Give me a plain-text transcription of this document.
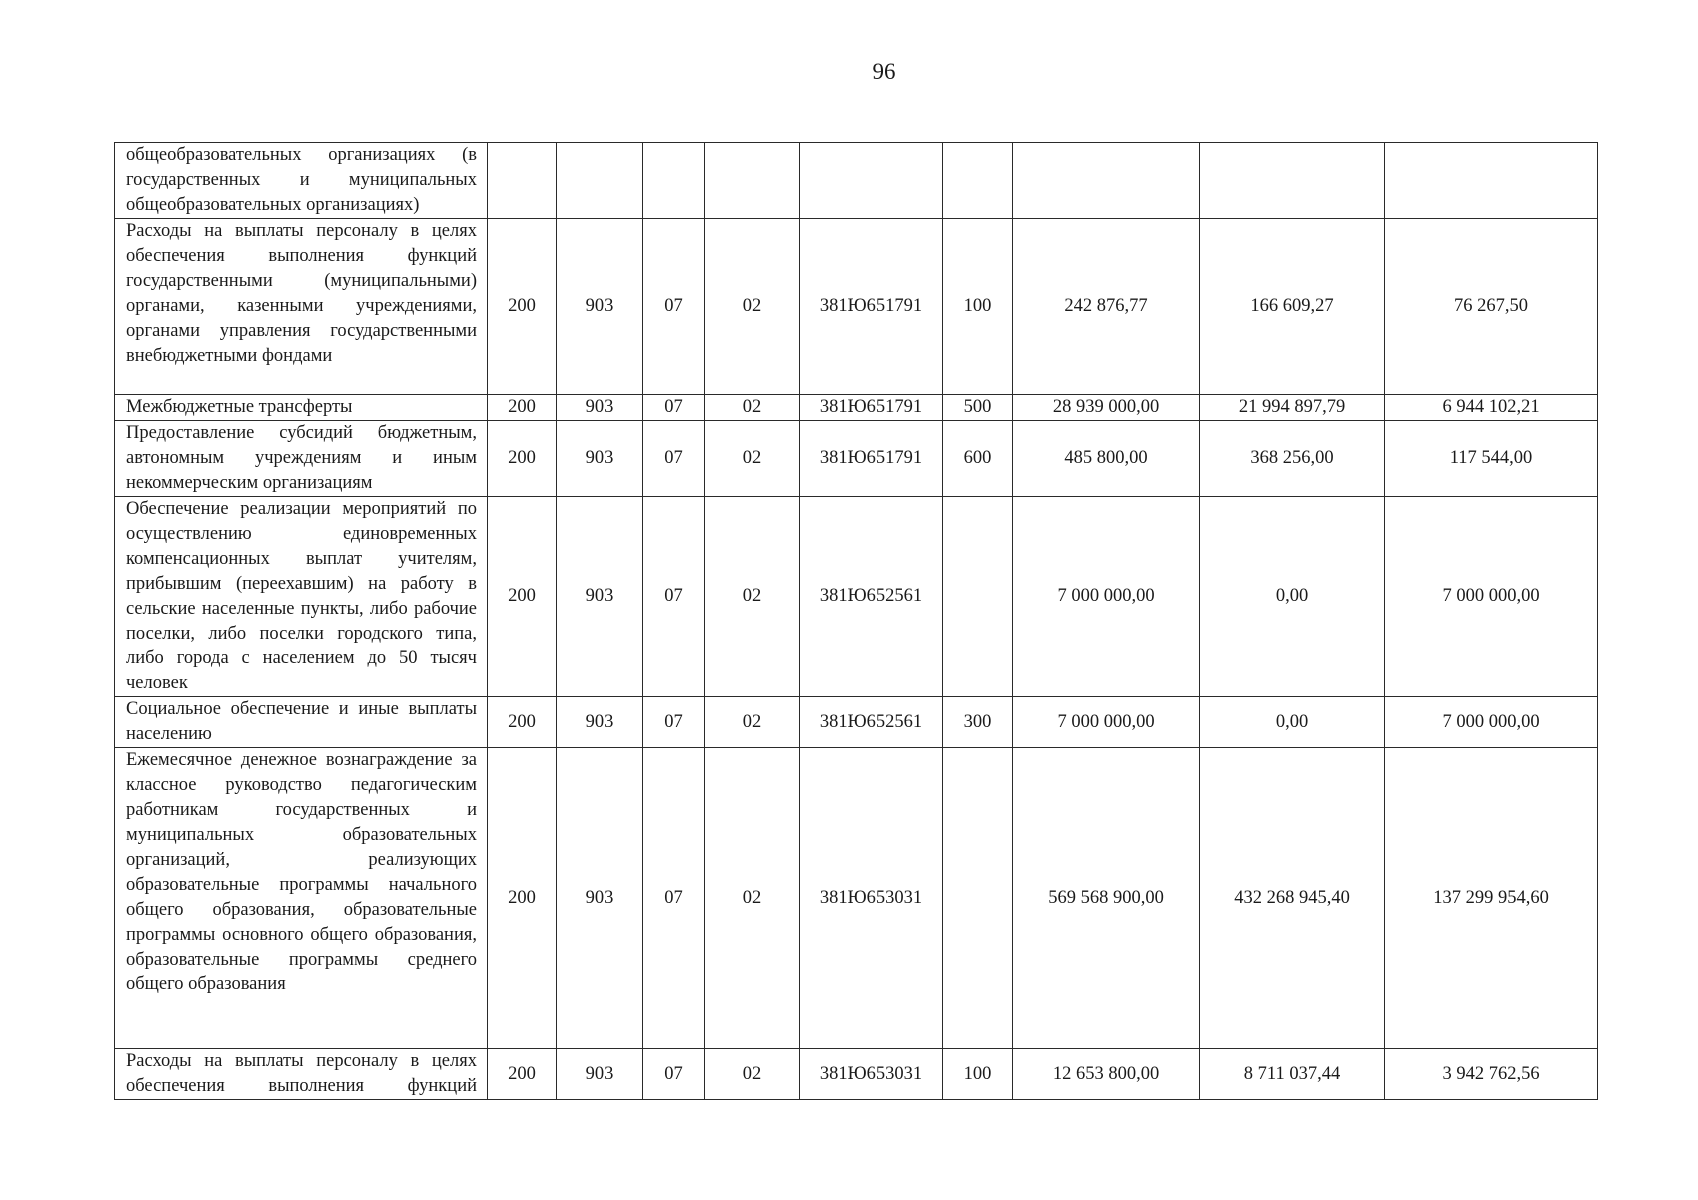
96
общеобразовательных организациях (в государственных и муниципальных общеобразовательных организациях)									
Расходы на выплаты персоналу в целях обеспечения выполнения функций государственными (муниципальными) органами, казенными учреждениями, органами управления государственными внебюджетными фондами	200	903	07	02	381Ю651791	100	242 876,77	166 609,27	76 267,50
Межбюджетные трансферты	200	903	07	02	381Ю651791	500	28 939 000,00	21 994 897,79	6 944 102,21
Предоставление субсидий бюджетным, автономным учреждениям и иным некоммерческим организациям	200	903	07	02	381Ю651791	600	485 800,00	368 256,00	117 544,00
Обеспечение реализации мероприятий по осуществлению единовременных компенсационных выплат учителям, прибывшим (переехавшим) на работу в сельские населенные пункты, либо рабочие поселки, либо поселки городского типа, либо города с населением до 50 тысяч человек	200	903	07	02	381Ю652561		7 000 000,00	0,00	7 000 000,00
Социальное обеспечение и иные выплаты населению	200	903	07	02	381Ю652561	300	7 000 000,00	0,00	7 000 000,00
Ежемесячное денежное вознаграждение за классное руководство педагогическим работникам государственных и муниципальных образовательных организаций, реализующих образовательные программы начального общего образования, образовательные программы основного общего образования, образовательные программы среднего общего образования	200	903	07	02	381Ю653031		569 568 900,00	432 268 945,40	137 299 954,60
Расходы на выплаты персоналу в целях обеспечения выполнения функций	200	903	07	02	381Ю653031	100	12 653 800,00	8 711 037,44	3 942 762,56
